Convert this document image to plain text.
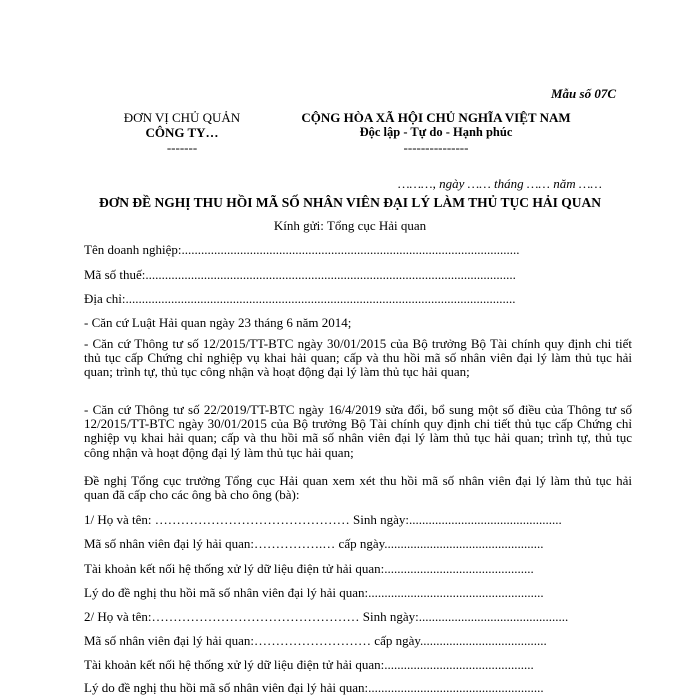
Mẫu số 07C
ĐƠN VỊ CHỦ QUẢN
CÔNG TY…
-------
CỘNG HÒA XÃ HỘI CHỦ NGHĨA VIỆT NAM
Độc lập - Tự do - Hạnh phúc
---------------
………, ngày …… tháng …… năm ……
ĐƠN ĐỀ NGHỊ THU HỒI MÃ SỐ NHÂN VIÊN ĐẠI LÝ LÀM THỦ TỤC HẢI QUAN
Kính gửi: Tổng cục Hải quan
Tên doanh nghiệp:........................................................................................................
Mã số thuế:..................................................................................................................
Địa chỉ:........................................................................................................................
- Căn cứ Luật Hải quan ngày 23 tháng 6 năm 2014;
- Căn cứ Thông tư số 12/2015/TT-BTC ngày 30/01/2015 của Bộ trưởng Bộ Tài chính quy định chi tiết thủ tục cấp Chứng chỉ nghiệp vụ khai hải quan; cấp và thu hồi mã số nhân viên đại lý làm thủ tục hải quan; trình tự, thủ tục công nhận và hoạt động đại lý làm thủ tục hải quan;
- Căn cứ Thông tư số 22/2019/TT-BTC ngày 16/4/2019 sửa đổi, bổ sung một số điều của Thông tư số 12/2015/TT-BTC ngày 30/01/2015 của Bộ trưởng Bộ Tài chính quy định chi tiết thủ tục cấp Chứng chỉ nghiệp vụ khai hải quan; cấp và thu hồi mã số nhân viên đại lý làm thủ tục hải quan; trình tự, thủ tục công nhận và hoạt động đại lý làm thủ tục hải quan;
Đề nghị Tổng cục trưởng Tổng cục Hải quan xem xét thu hồi mã số nhân viên đại lý làm thủ tục hải quan đã cấp cho các ông bà cho ông (bà):
1/ Họ và tên: ……………………………………… Sinh ngày:...............................................
Mã số nhân viên đại lý hải quan:…………….… cấp ngày.................................................
Tài khoản kết nối hệ thống xử lý dữ liệu điện tử hải quan:..............................................
Lý do đề nghị thu hồi mã số nhân viên đại lý hải quan:......................................................
2/ Họ và tên:………………………………………… Sinh ngày:..............................................
Mã số nhân viên đại lý hải quan:……………………… cấp ngày.......................................
Tài khoản kết nối hệ thống xử lý dữ liệu điện tử hải quan:..............................................
Lý do đề nghị thu hồi mã số nhân viên đại lý hải quan:......................................................
